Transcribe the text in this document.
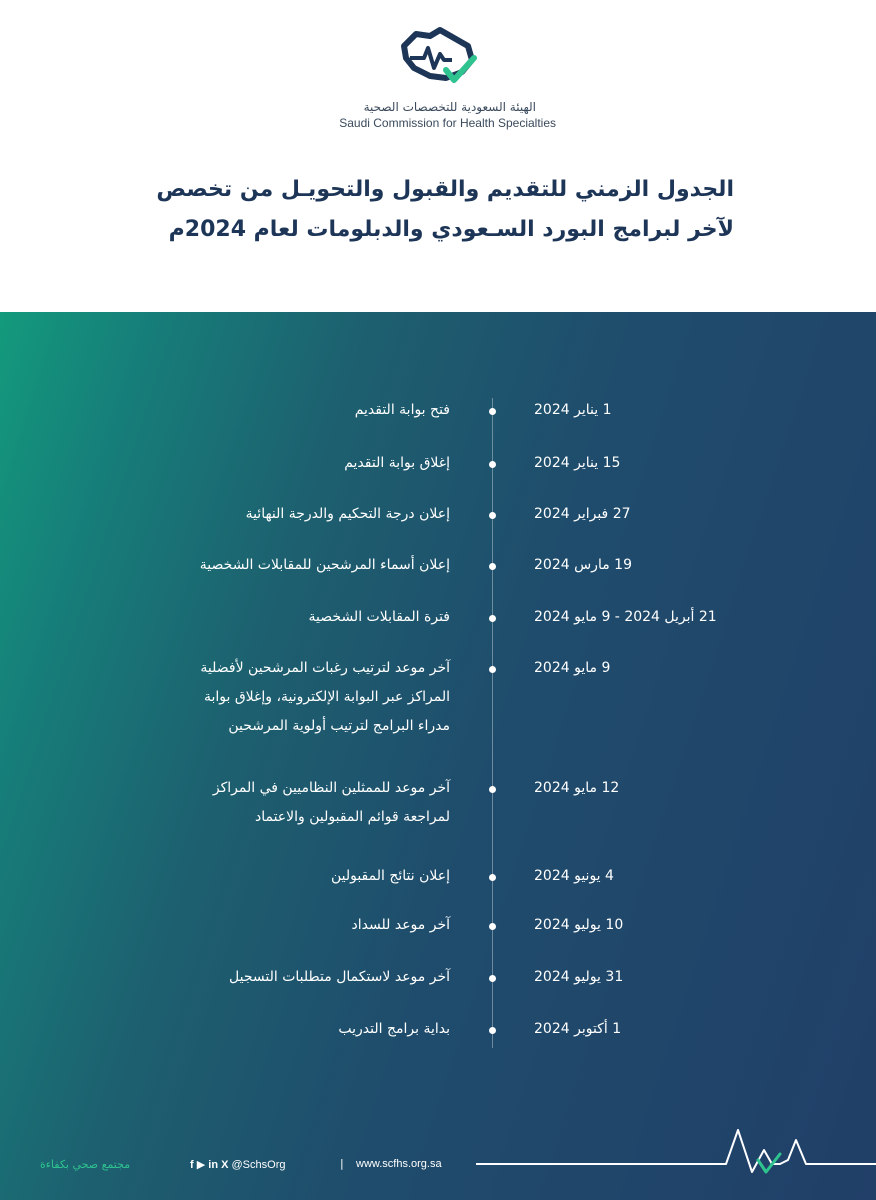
الهيئة السعودية للتخصصات الصحية
Saudi Commission for Health Specialties
الجدول الزمني للتقديم والقبول والتحويـل من تخصص
لآخر لبرامج البورد السـعودي والدبلومات لعام 2024م
فتح بوابة التقديم	1 يناير 2024
إغلاق بوابة التقديم	15 يناير 2024
إعلان درجة التحكيم والدرجة النهائية	27 فبراير 2024
إعلان أسماء المرشحين للمقابلات الشخصية	19 مارس 2024
فترة المقابلات الشخصية	21 أبريل 2024 - 9 مايو 2024
آخر موعد لترتيب رغبات المرشحين لأفضلية
المراكز عبر البوابة الإلكترونية، وإغلاق بوابة
مدراء البرامج لترتيب أولوية المرشحين
9 مايو 2024
آخر موعد للممثلين النظاميين في المراكز
لمراجعة قوائم المقبولين والاعتماد
12 مايو 2024
إعلان نتائج المقبولين	4 يونيو 2024
آخر موعد للسداد	10 يوليو 2024
آخر موعد لاستكمال متطلبات التسجيل	31 يوليو 2024
بداية برامج التدريب	1 أكتوبر 2024
مجتمع صحي بكفاءة	f ▶ in X @SchsOrg	| www.scfhs.org.sa
